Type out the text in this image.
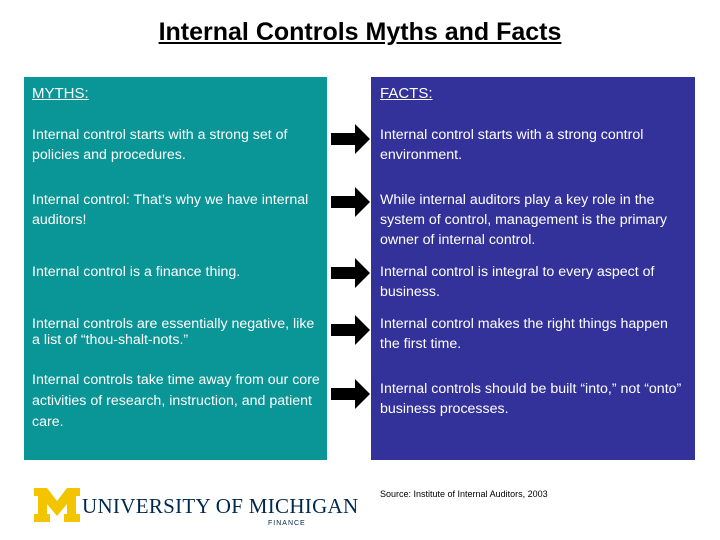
Internal Controls Myths and Facts

MYTHS:	FACTS:

Internal control starts with a strong set of policies and procedures.

Internal control: That’s why we have internal auditors!

Internal control is a finance thing.

Internal controls are essentially negative, like a list of “thou-shalt-nots.”

Internal controls take time away from our core activities of research, instruction, and patient care.

Internal control starts with a strong control environment.

While internal auditors play a key role in the system of control, management is the primary owner of internal control.

Internal control is integral to every aspect of business.

Internal control makes the right things happen the first time.

Internal controls should be built “into,” not “onto” business processes.

UNIVERSITY OF MICHIGAN
FINANCE
Source: Institute of Internal Auditors, 2003
